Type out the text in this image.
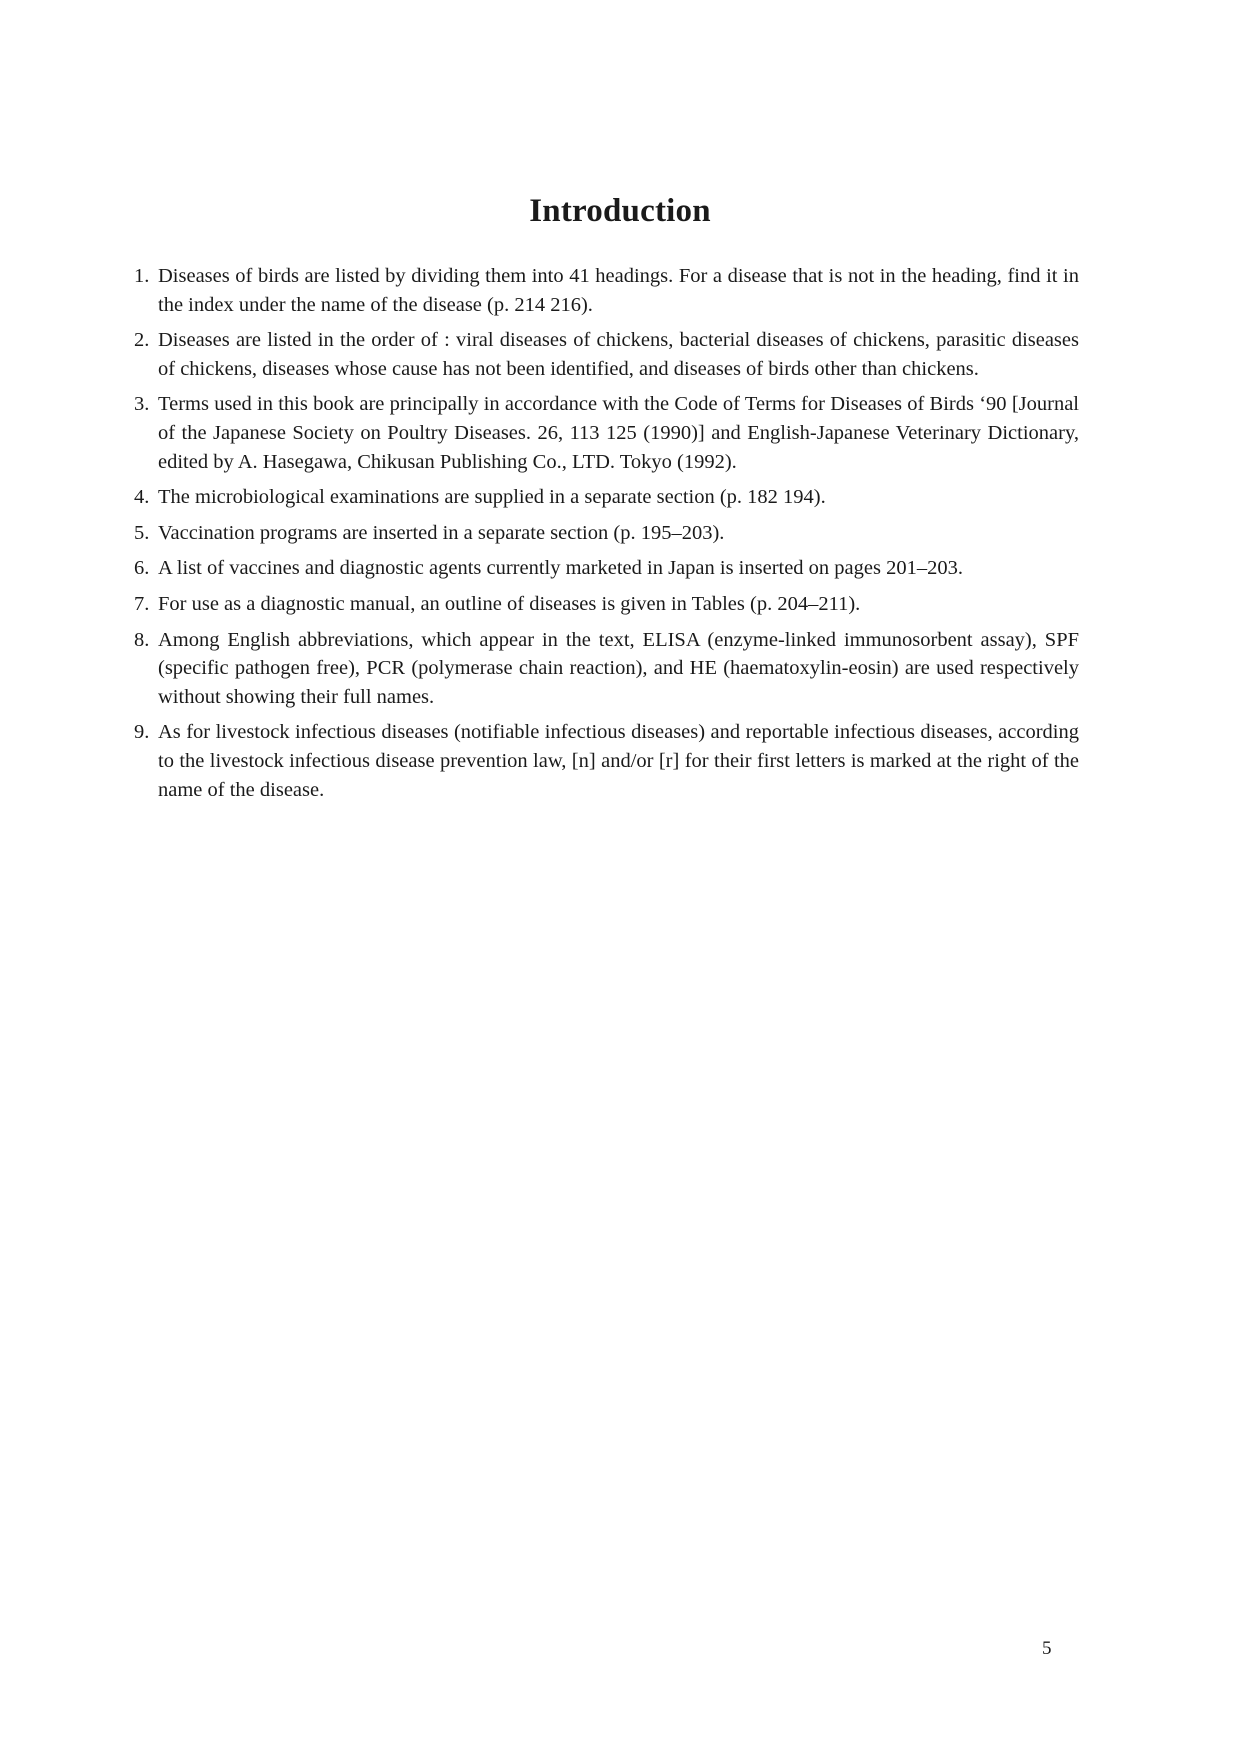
Introduction
1. Diseases of birds are listed by dividing them into 41 headings. For a disease that is not in the heading, find it in the index under the name of the disease (p. 214 216).
2. Diseases are listed in the order of : viral diseases of chickens, bacterial diseases of chickens, parasitic diseases of chickens, diseases whose cause has not been identified, and diseases of birds other than chickens.
3. Terms used in this book are principally in accordance with the Code of Terms for Diseases of Birds ‘90 [Journal of the Japanese Society on Poultry Diseases. 26, 113 125 (1990)] and English-Japanese Veterinary Dictionary, edited by A. Hasegawa, Chikusan Publishing Co., LTD. Tokyo (1992).
4. The microbiological examinations are supplied in a separate section (p. 182 194).
5. Vaccination programs are inserted in a separate section (p. 195–203).
6. A list of vaccines and diagnostic agents currently marketed in Japan is inserted on pages 201–203.
7. For use as a diagnostic manual, an outline of diseases is given in Tables (p. 204–211).
8. Among English abbreviations, which appear in the text, ELISA (enzyme-linked immunosorbent assay), SPF (specific pathogen free), PCR (polymerase chain reaction), and HE (haematoxylin-eosin) are used respectively without showing their full names.
9. As for livestock infectious diseases (notifiable infectious diseases) and reportable infectious diseases, according to the livestock infectious disease prevention law, [n] and/or [r] for their first letters is marked at the right of the name of the disease.
5
